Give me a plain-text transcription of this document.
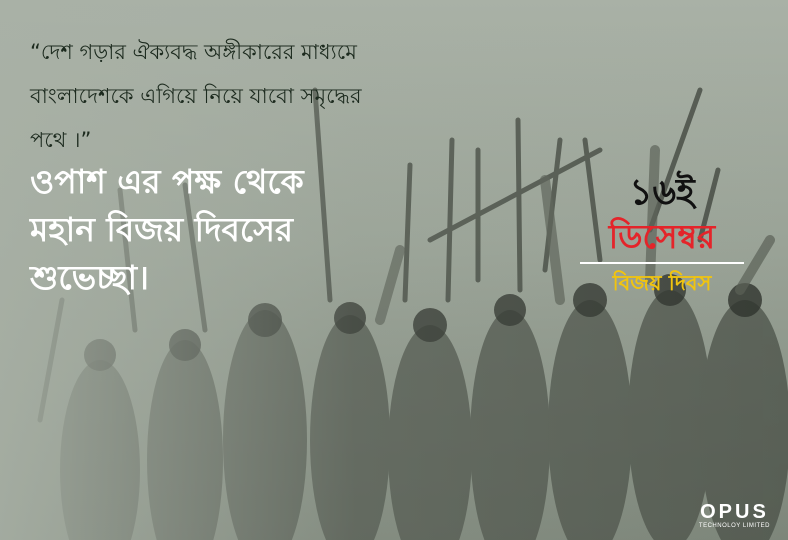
“দেশ গড়ার ঐক্যবদ্ধ অঙ্গীকারের মাধ্যমে
বাংলাদেশকে এগিয়ে নিয়ে যাবো সমৃদ্ধের
পথে ।”
ওপাশ এর পক্ষ থেকে
মহান বিজয় দিবসের
শুভেচ্ছা।
১৬ই
ডিসেম্বর
বিজয় দিবস
OPUS
TECHNOLOY LIMITED
